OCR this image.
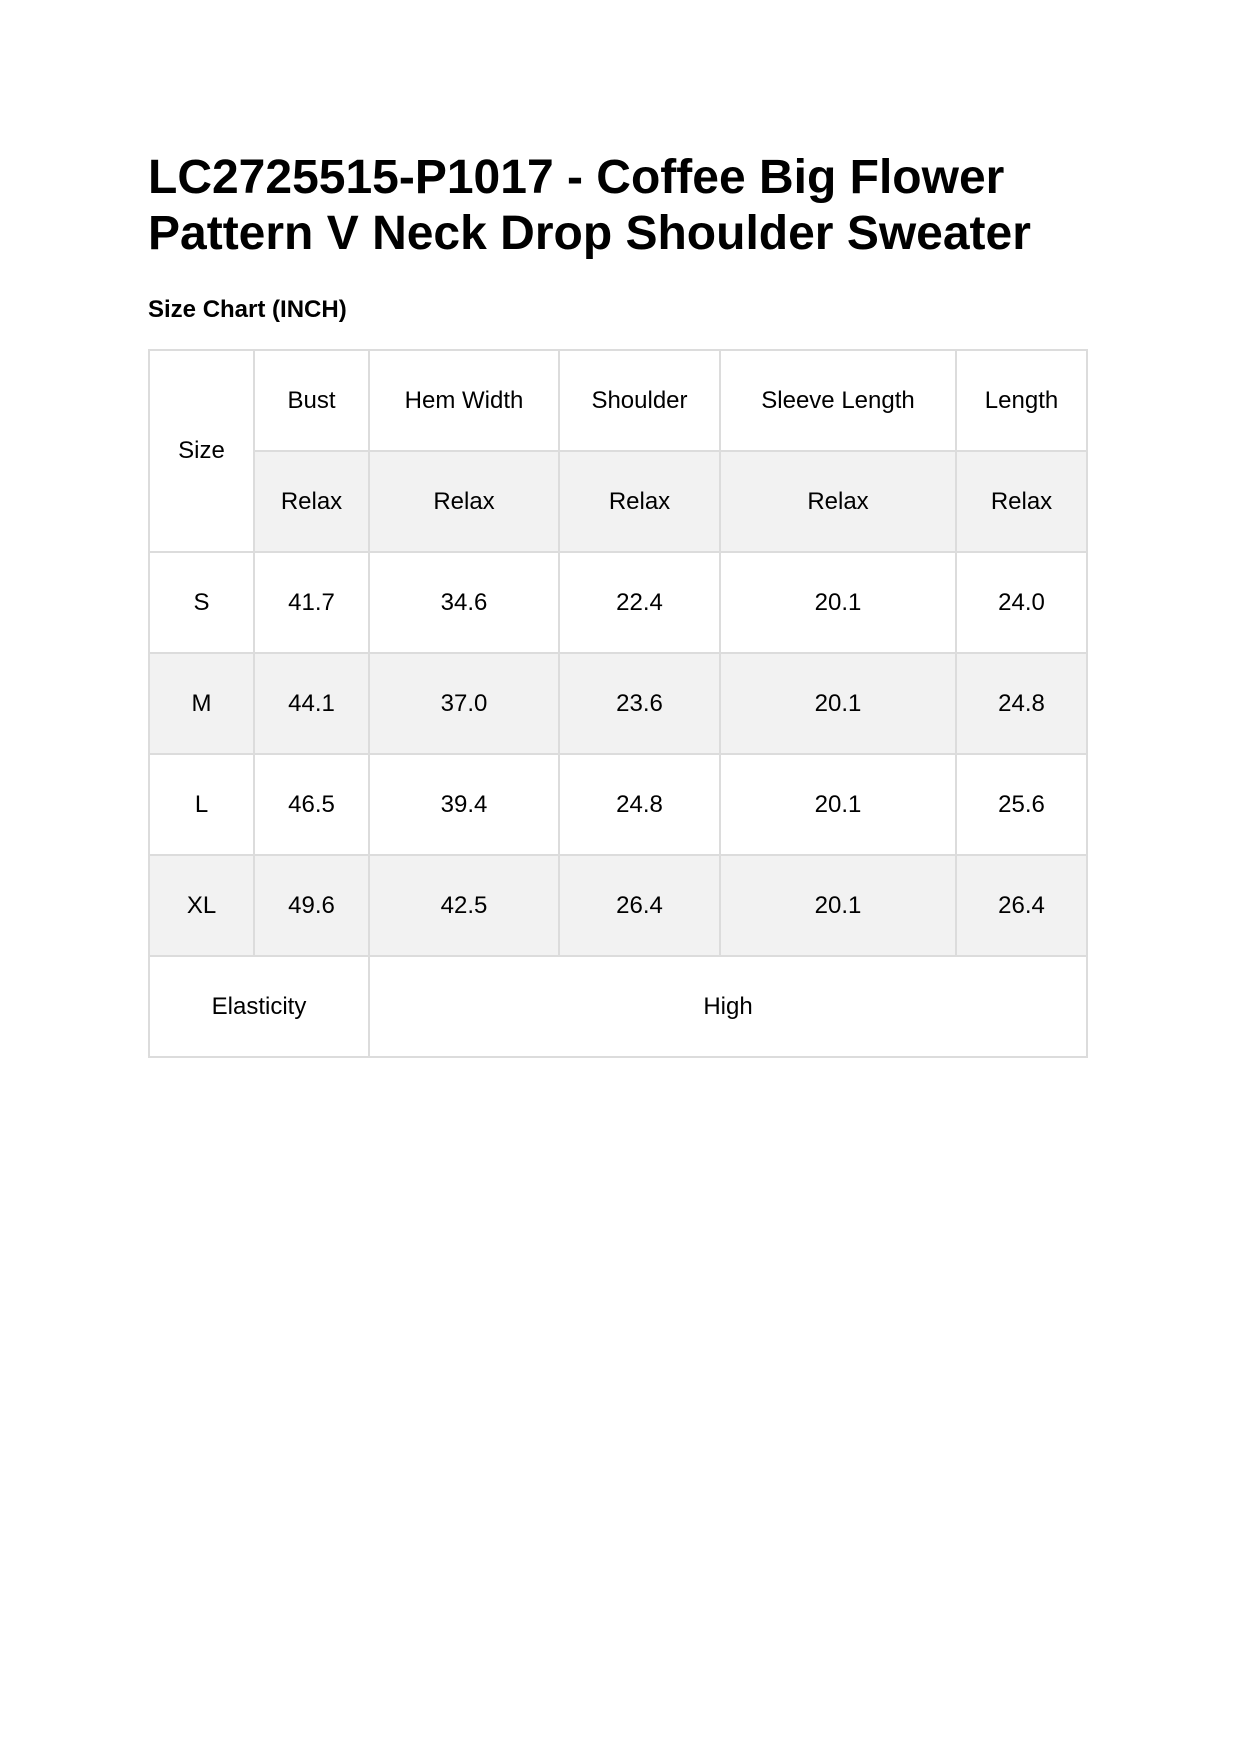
LC2725515-P1017 - Coffee Big Flower Pattern V Neck Drop Shoulder Sweater
Size Chart (INCH)
Size	Bust	Hem Width	Shoulder	Sleeve Length	Length
	Relax	Relax	Relax	Relax	Relax
S	41.7	34.6	22.4	20.1	24.0
M	44.1	37.0	23.6	20.1	24.8
L	46.5	39.4	24.8	20.1	25.6
XL	49.6	42.5	26.4	20.1	26.4
Elasticity		High			
